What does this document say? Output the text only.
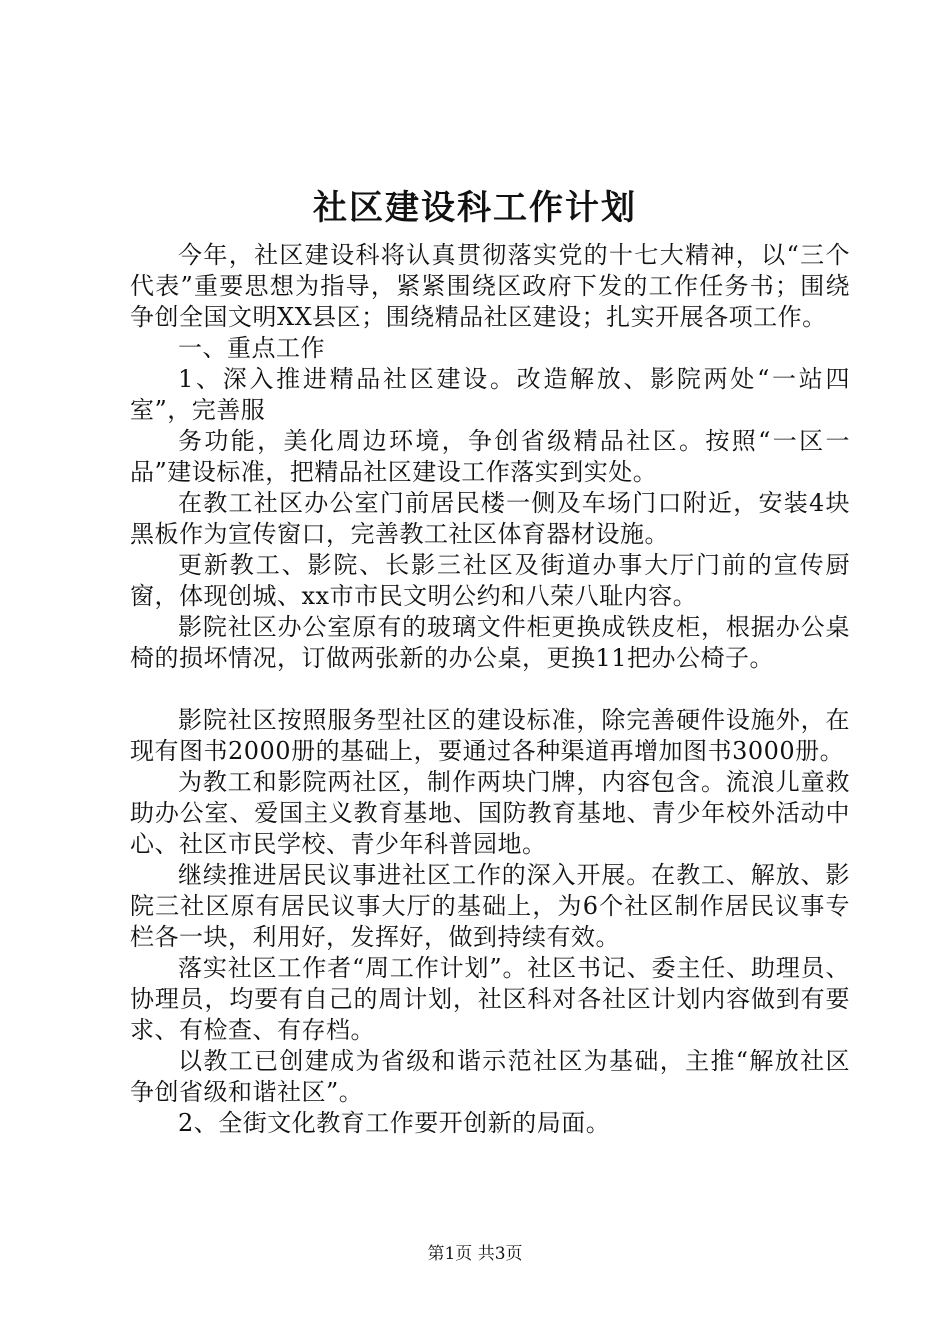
社区建设科工作计划

今年，社区建设科将认真贯彻落实党的十七大精神，以“三个代表”重要思想为指导，紧紧围绕区政府下发的工作任务书；围绕争创全国文明XX县区；围绕精品社区建设；扎实开展各项工作。

一、重点工作

1、深入推进精品社区建设。改造解放、影院两处“一站四室”，完善服

务功能，美化周边环境，争创省级精品社区。按照“一区一品”建设标准，把精品社区建设工作落实到实处。

在教工社区办公室门前居民楼一侧及车场门口附近，安装4块黑板作为宣传窗口，完善教工社区体育器材设施。

更新教工、影院、长影三社区及街道办事大厅门前的宣传厨窗，体现创城、xx市市民文明公约和八荣八耻内容。

影院社区办公室原有的玻璃文件柜更换成铁皮柜，根据办公桌椅的损坏情况，订做两张新的办公桌，更换11把办公椅子。

影院社区按照服务型社区的建设标准，除完善硬件设施外，在现有图书2000册的基础上，要通过各种渠道再增加图书3000册。

为教工和影院两社区，制作两块门牌，内容包含。流浪儿童救助办公室、爱国主义教育基地、国防教育基地、青少年校外活动中心、社区市民学校、青少年科普园地。

继续推进居民议事进社区工作的深入开展。在教工、解放、影院三社区原有居民议事大厅的基础上，为6个社区制作居民议事专栏各一块，利用好，发挥好，做到持续有效。

落实社区工作者“周工作计划”。社区书记、委主任、助理员、协理员，均要有自己的周计划，社区科对各社区计划内容做到有要求、有检查、有存档。

以教工已创建成为省级和谐示范社区为基础，主推“解放社区争创省级和谐社区”。

2、全街文化教育工作要开创新的局面。

第1页 共3页
